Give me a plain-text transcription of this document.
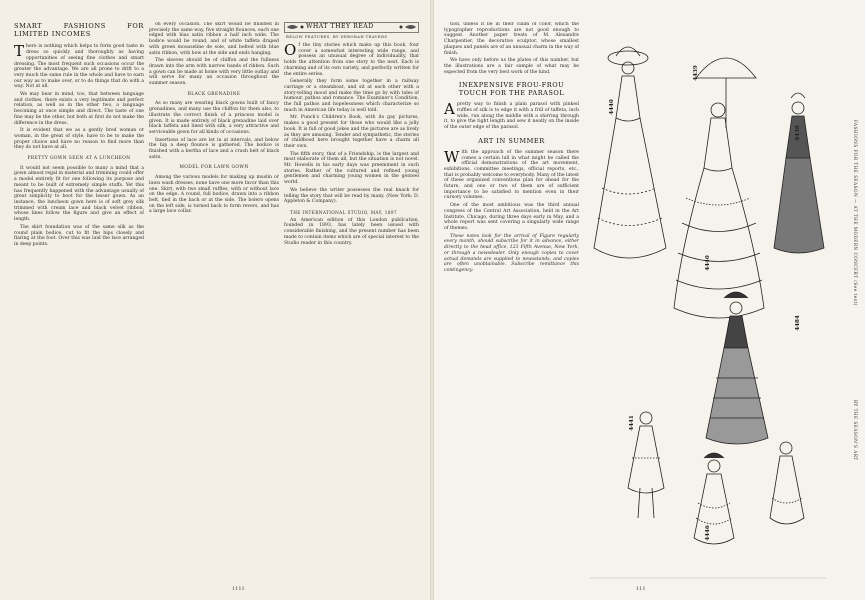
SMART FASHIONS FOR LIMITED INCOMES

There is nothing which helps to form good taste in dress so quickly and thoroughly as having opportunities of seeing fine clothes and smart dressing. The most frequent such occasions occur the greater the advantage. We are all prone to drift to a very much the same rule in the whole and have to earn our way as to make over, or to do things that do with a way. Not at all.

We may bear in mind, too, that between language and clothes, there exists a very legitimate and perfect relation, as well as in the other two, a language becoming at once simple and direct. The taste of one fine may be the other, but both at first do not make the difference in the dress.

It is evident that we as a gently bred woman or woman, in the great of style, have to be to make the proper choice and have no reason to find more than they do not have at all.

PRETTY GOWN SEEN AT A LUNCHEON

It would not seem possible to many a mind that a gown almost regal in material and trimming could offer a model entirely fit for one following its purpose and meant to be built of extremely simple stuffs. Yet this has frequently happened with the advantage usually of great simplicity to boot for the lesser gown. As an instance, the luncheon gown here is of soft grey silk trimmed with cream lace and black velvet ribbon, whose lines follow the figure and give an effect of length.

The skirt foundation was of the same silk as the round plain bodice, cut to fit the hips closely and flaring at the foot. Over this was laid the lace arranged in deep points.

on every occasion. The skirt would be finished in precisely the same way, five straight flounces, each one edged with bias satin ribbon a half inch wide. The bodice would be round, and of white taffeta draped with green mousseline de soie, and belted with blue satin ribbon, with bow at the side and ends hanging.

The sleeves should be of chiffon and the fullness drawn into the arm with narrow bands of ribbon. Such a gown can be made at home with very little outlay and will serve for many an occasion throughout the summer season.

BLACK GRENADINE

As so many are wearing black gowns built of fancy grenadines, and many use the chiffon for them also, to illustrate the correct finish of a princess model is given. It is made entirely of black grenadine laid over black taffeta and lined with silk, a very attractive and serviceable gown for all kinds of occasions.

Insertions of lace are let in at intervals, and below the hip a deep flounce is gathered. The bodice is finished with a bertha of lace and a crush belt of black satin.

MODEL FOR LAWN GOWN

Among the various models for making up muslin or lawn wash dresses, none have one more favor than this one. Skirt, with two small ruffles, with or without lace on the edge. A round, full bodice, drawn into a ribbon belt, tied in the back or at the side. The bolero opens on the left side, is turned back to form revers, and has a large lace collar.

WHAT THEY READ
BELOW FEATURES. BY DEBORAH TRAVERS

Of the tiny stories which make up this book, four cover a somewhat interesting wide range, and possess an unusual degree of individuality, that holds the attention from one story to the next. Each is charming and of its own variety, and perfectly written for the entire series.

Generally they form some together in a railway carriage or a steamboat, and sit at each other with a story-telling mood and make the time go by with tales of humour, pathos and romance. The Examiner's Condition, the full pathos and hopelessness which characterize so much in American life today is well told.

Mr. Punch's Children's Book, with its gay pictures, makes a good present for those who would like a jolly book. It is full of good jokes and the pictures are as lively as they are amusing. Tender and sympathetic, the stories of childhood here brought together have a charm all their own.

The fifth story, that of a Friendship, is the largest and most elaborate of them all, but the situation is not novel. Mr. Howells in his early days was preeminent in such stories. Rather of the cultured and refined young gentlemen and charming young women in the genteel world.

We believe the writer possesses the real knack for telling the story that will be read by many. (New York: D. Appleton & Company).

THE INTERNATIONAL STUDIO, MAY, 1897

An American edition of this London publication, founded in 1893, has lately been issued with considerable finishing, and the present number has been made to contain items which are of special interest to the Studio reader in this country.

1111

tion, unless it be in their claim of color, which the typographer reproductions are not good enough to suggest. Another paper treats of M. Alexandre Charpentier, the decorative sculptor, whose smallest plaques and panels are of an unusual charm in the way of finish.

We have only before us the plates of this number, but the illustrations are a fair sample of what may be expected from the very best work of the kind.

INEXPENSIVE FROU-FROU TOUCH FOR THE PARASOL

Apretty way to finish a plain parasol with pinked ruffles of silk is to edge it with a frill of taffeta, inch wide, run along the middle with a shirring through it, to give the tight length and sew it neatly on the inside of the outer edge of the parasol.

ART IN SUMMER

With the approach of the summer season there comes a certain lull in what might be called the official demonstrations of the art movement, exhibitions, committee meetings, official reports, etc., that is probably welcome to everybody. Many of the latest of these organized conventions plan for ahead for the future, and one or two of them are of sufficient importance to be satisfied to mention even in their cursory volumes.

One of the most ambitious was the third annual congress of the Central Art Association, held in the Art Institute, Chicago, during three days early in May, and a whole report was sent covering a singularly wide range of themes.

These notes look for the arrival of Figure regularly every month, should subscribe for it in advance, either directly to the head office, 123 Fifth Avenue, New York, or through a newsdealer. Only enough copies to cover actual demands are supplied to newsstands, and copies are often unobtainable. Subscribe remittance this contingency.

4440
4439
4438
4484
4440
4441
4446
FASHIONS FOR THE SEASON — AT THE MODERN CONCERT (See text)
BY THE SEASON'S ART
111
